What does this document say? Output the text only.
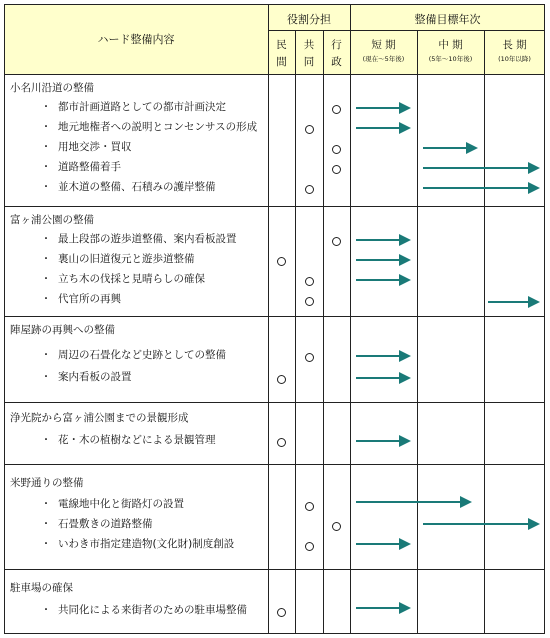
ハード整備内容
役割分担	整備目標年次
民
間
共
同
行
政
短 期
(現在～5年後)
中 期
(5年～10年後)
長 期
(10年以降)
小名川沿道の整備
・ 都市計画道路としての都市計画決定
・ 地元地権者への説明とコンセンサスの形成
・ 用地交渉・買収
・ 道路整備着手
・ 並木道の整備、石積みの護岸整備
富ヶ浦公園の整備
・ 最上段部の遊歩道整備、案内看板設置
・ 裏山の旧道復元と遊歩道整備
・ 立ち木の伐採と見晴らしの確保
・ 代官所の再興
陣屋跡の再興への整備
・ 周辺の石畳化など史跡としての整備
・ 案内看板の設置
浄光院から富ヶ浦公園までの景観形成
・ 花・木の植樹などによる景観管理
米野通りの整備
・ 電線地中化と街路灯の設置
・ 石畳敷きの道路整備
・ いわき市指定建造物(文化財)制度創設
駐車場の確保
・ 共同化による来街者のための駐車場整備
